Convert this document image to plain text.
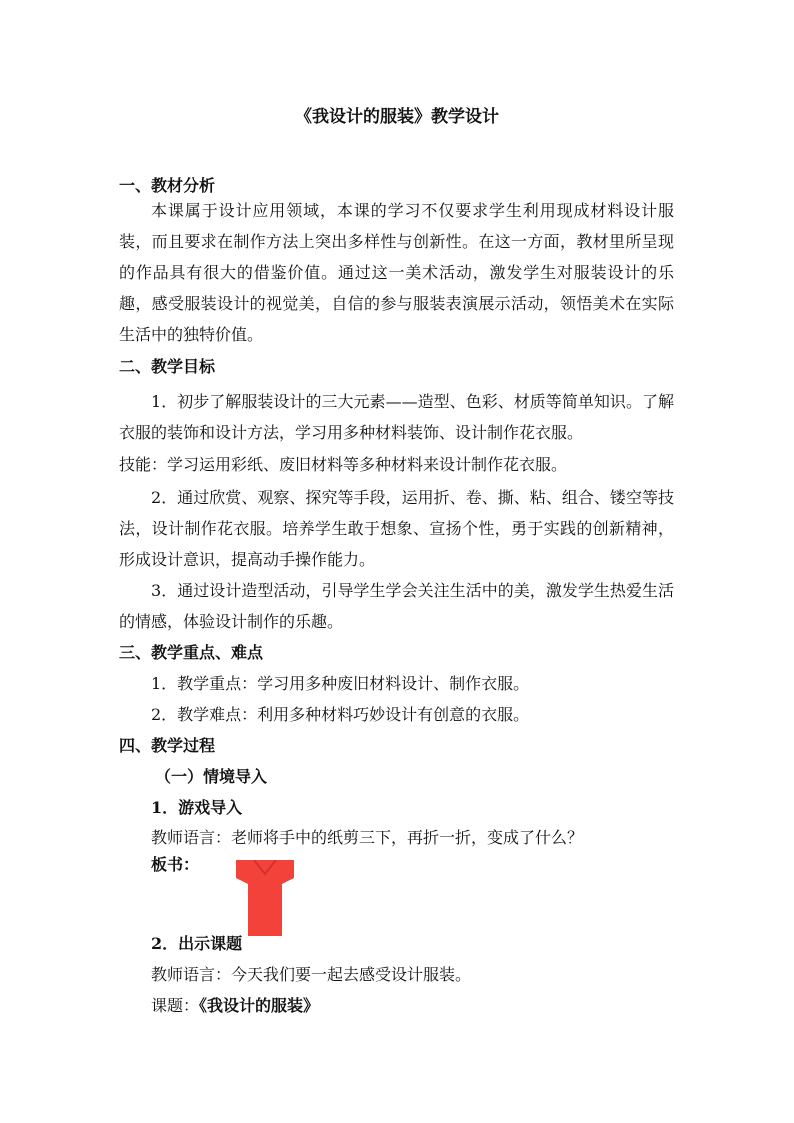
《我设计的服装》教学设计
一、教材分析
本课属于设计应用领域，本课的学习不仅要求学生利用现成材料设计服装，而且要求在制作方法上突出多样性与创新性。在这一方面，教材里所呈现的作品具有很大的借鉴价值。通过这一美术活动，激发学生对服装设计的乐趣，感受服装设计的视觉美，自信的参与服装表演展示活动，领悟美术在实际生活中的独特价值。
二、教学目标
1．初步了解服装设计的三大元素——造型、色彩、材质等简单知识。了解衣服的装饰和设计方法，学习用多种材料装饰、设计制作花衣服。
技能：学习运用彩纸、废旧材料等多种材料来设计制作花衣服。
2．通过欣赏、观察、探究等手段，运用折、卷、撕、粘、组合、镂空等技法，设计制作花衣服。培养学生敢于想象、宣扬个性，勇于实践的创新精神，形成设计意识，提高动手操作能力。
3．通过设计造型活动，引导学生学会关注生活中的美，激发学生热爱生活的情感，体验设计制作的乐趣。
三、教学重点、难点
1．教学重点：学习用多种废旧材料设计、制作衣服。
2．教学难点：利用多种材料巧妙设计有创意的衣服。
四、教学过程
（一）情境导入
1．游戏导入
教师语言：老师将手中的纸剪三下，再折一折，变成了什么？
板书：
2．出示课题
教师语言：今天我们要一起去感受设计服装。
课题：《我设计的服装》
